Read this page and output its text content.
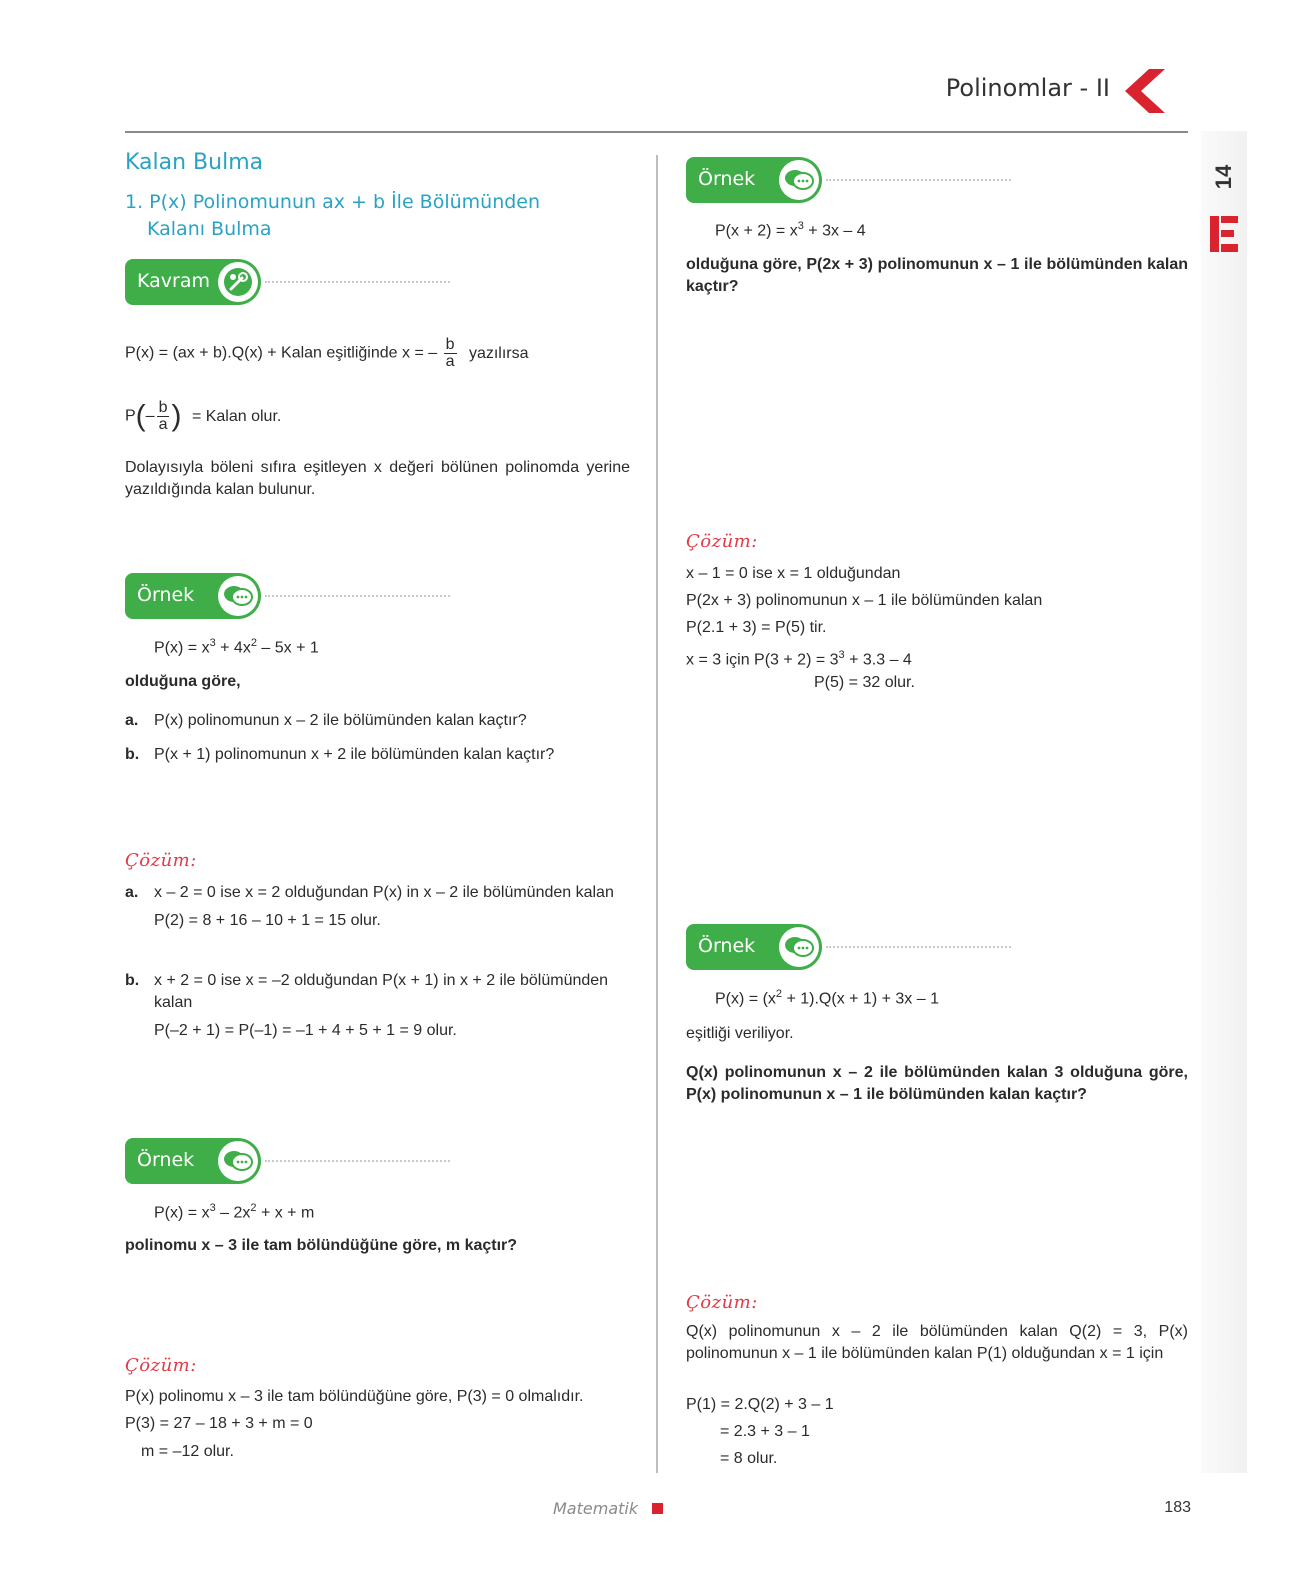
Polinomlar - II
14
Kalan Bulma
1. P(x) Polinomunun ax + b İle Bölümünden
Kalanı Bulma
Kavram
P(x) = (ax + b).Q(x) + Kalan eşitliğinde x = – $\frac{b}{a}$ yazılırsa
$P(- \frac{b}{a}$ ) = Kalan olur.
Dolayısıyla böleni sıfıra eşitleyen x değeri bölünen polinomda yerine yazıldığında kalan bulunur.
Örnek
$P(x) = x^3 + 4x^2 - 5x + 1$
olduğuna göre,
a. P(x) polinomunun x – 2 ile bölümünden kalan kaçtır?
b. P(x + 1) polinomunun x + 2 ile bölümünden kalan kaçtır?
Çözüm:
a. x – 2 = 0 ise x = 2 olduğundan P(x) in x – 2 ile bölümünden kalan
P(2) = 8 + 16 – 10 + 1 = 15 olur.
b. x + 2 = 0 ise x = –2 olduğundan P(x + 1) in x + 2 ile bölümünden kalan
P(–2 + 1) = P(–1) = –1 + 4 + 5 + 1 = 9 olur.
Örnek
$P(x) = x^3 - 2x^2 + x + m$
polinomu x – 3 ile tam bölündüğüne göre, m kaçtır?
Çözüm:
P(x) polinomu x – 3 ile tam bölündüğüne göre, P(3) = 0 olmalıdır.
P(3) = 27 – 18 + 3 + m = 0
m = –12 olur.
Örnek
$P(x + 2) = x^3 + 3x - 4$
olduğuna göre, P(2x + 3) polinomunun x – 1 ile bölümünden kalan kaçtır?
Çözüm:
x – 1 = 0 ise x = 1 olduğundan
P(2x + 3) polinomunun x – 1 ile bölümünden kalan
P(2.1 + 3) = P(5) tir.
x = 3 için $P(3 + 2) = 3^3 + 3.3 - 4$
P(5) = 32 olur.
Örnek
$P(x) = (x^2 + 1).Q(x + 1) + 3x - 1$
eşitliği veriliyor.
Q(x) polinomunun x – 2 ile bölümünden kalan 3 olduğuna göre, P(x) polinomunun x – 1 ile bölümünden kalan kaçtır?
Çözüm:
Q(x) polinomunun x – 2 ile bölümünden kalan Q(2) = 3, P(x) polinomunun x – 1 ile bölümünden kalan P(1) olduğundan x = 1 için
P(1) = 2.Q(2) + 3 – 1
= 2.3 + 3 – 1
= 8 olur.
Matematik	183
